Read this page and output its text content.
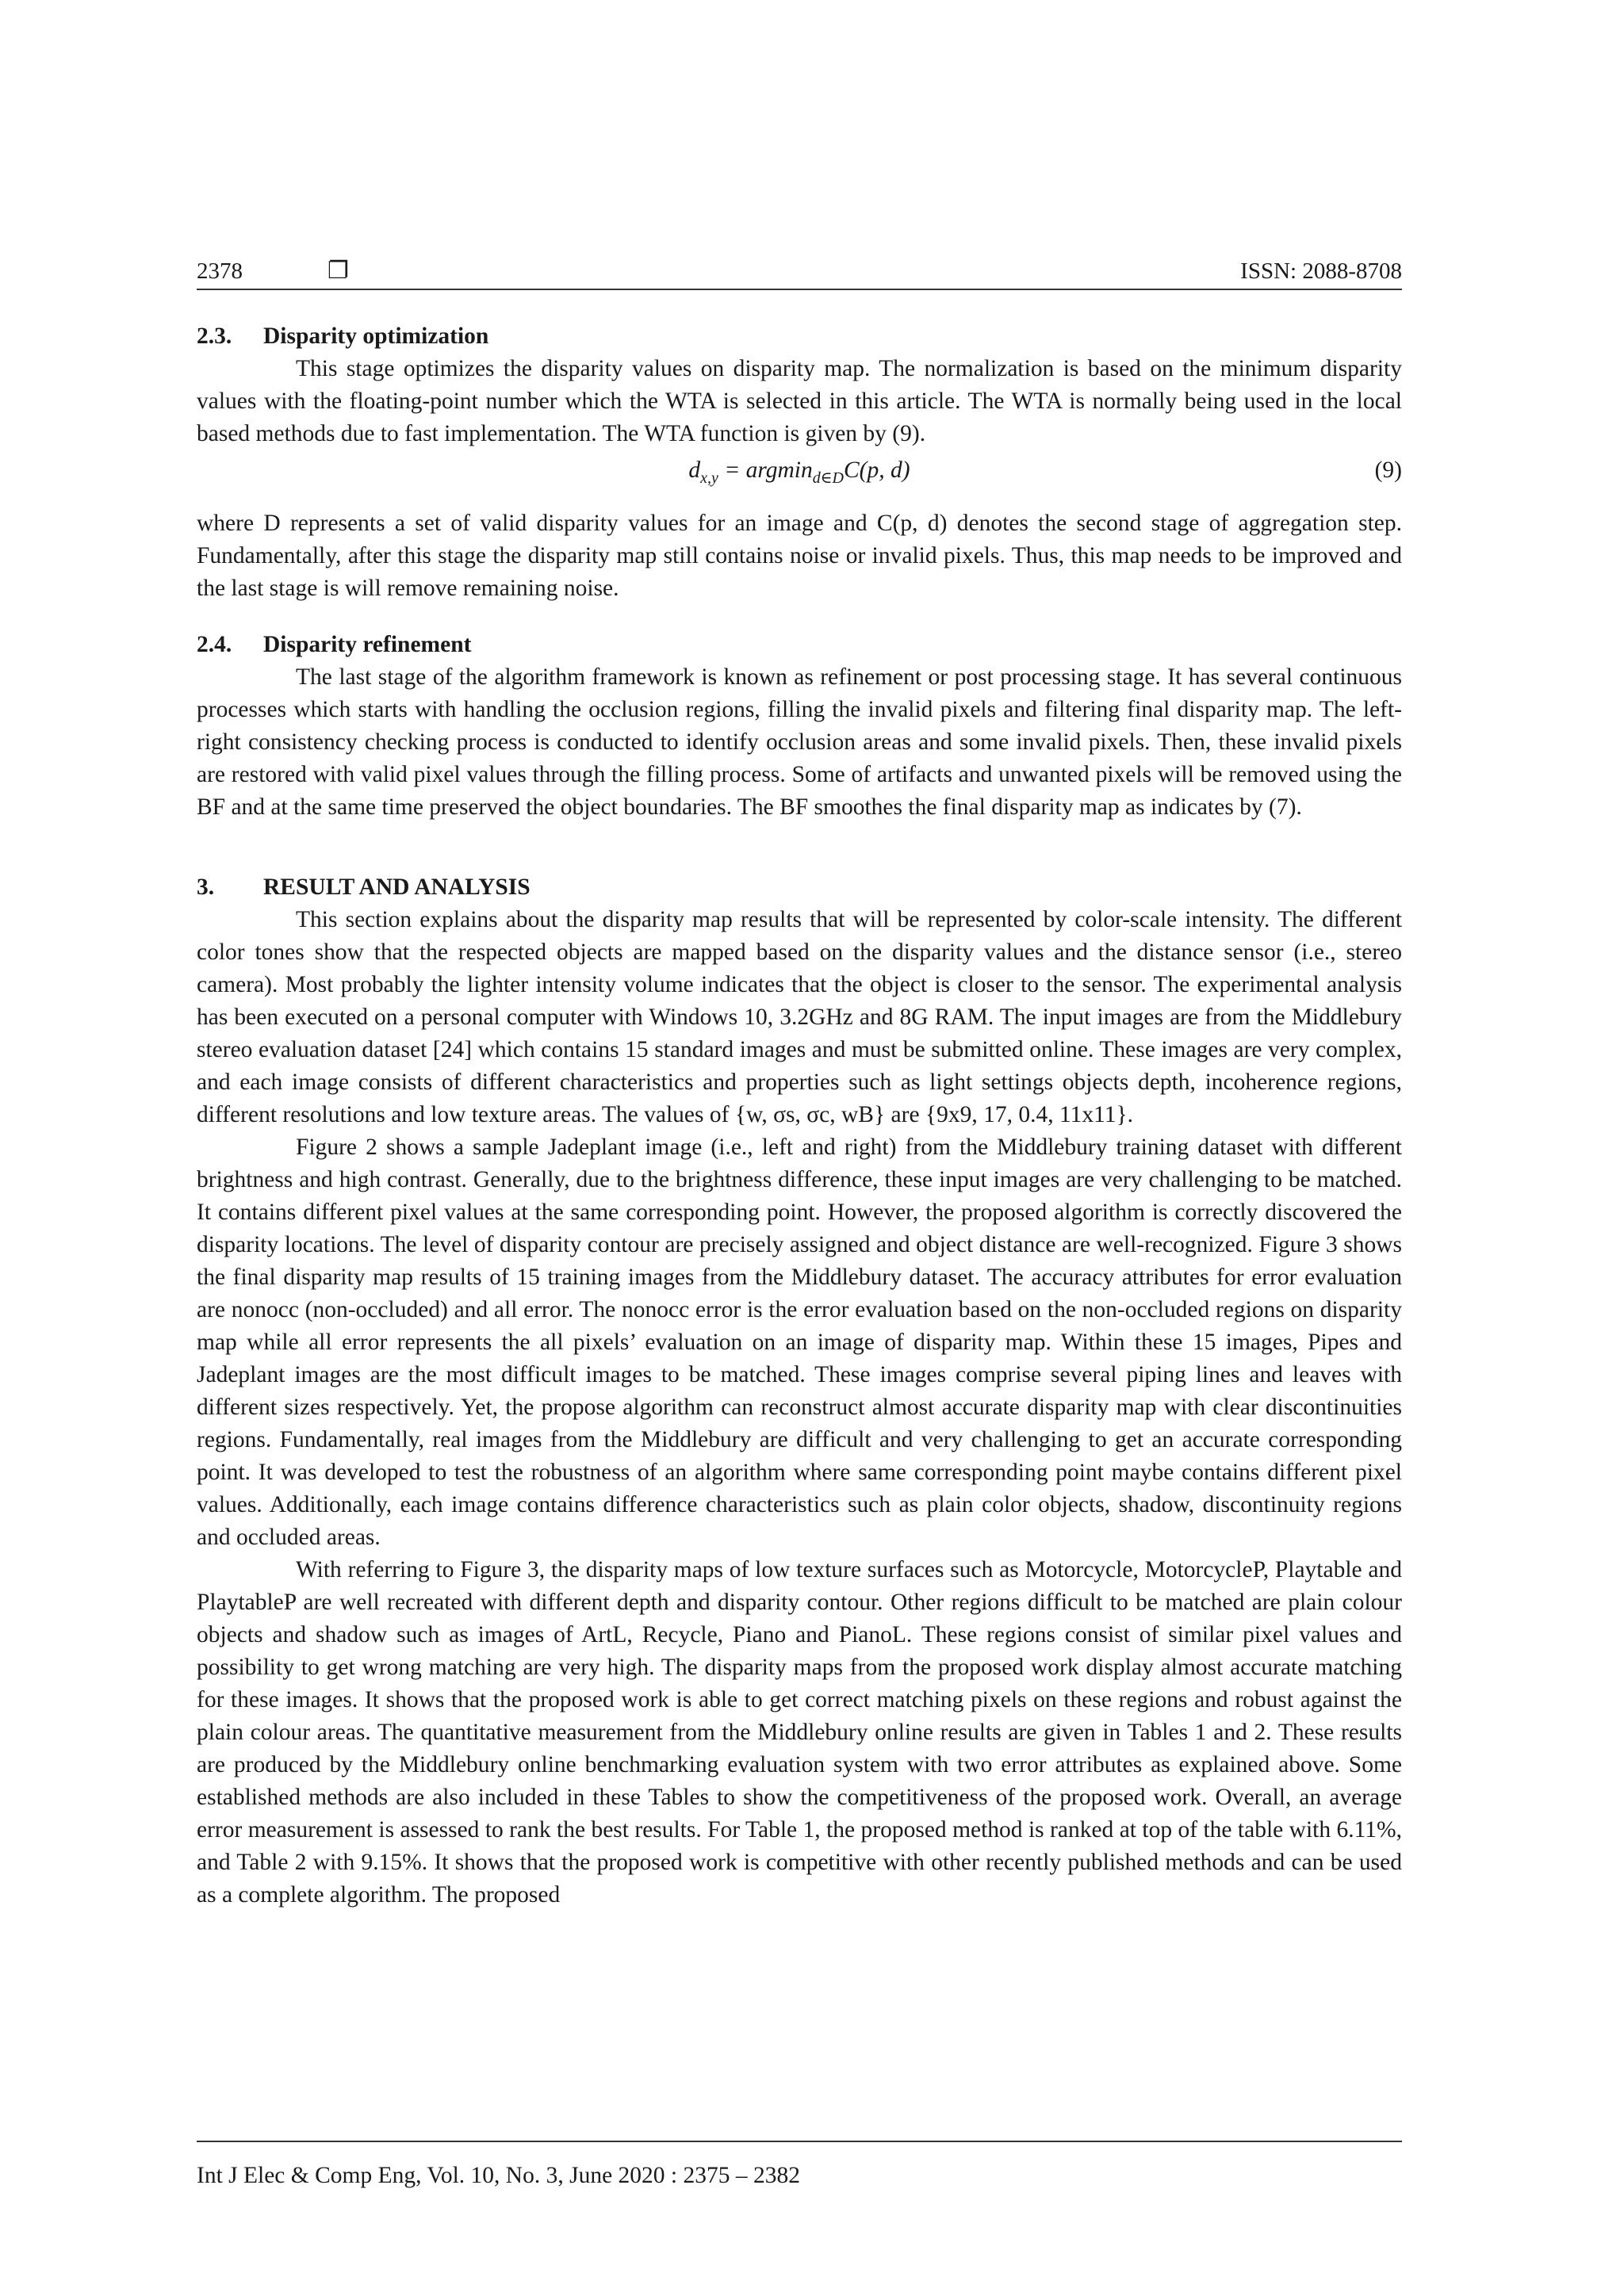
2378	❐	ISSN: 2088-8708
2.3. Disparity optimization

This stage optimizes the disparity values on disparity map. The normalization is based on the minimum disparity values with the floating-point number which the WTA is selected in this article. The WTA is normally being used in the local based methods due to fast implementation. The WTA function is given by (9).

$d_{x,y} = argmin_{d\in D}C(p$, d)	(9)

where D represents a set of valid disparity values for an image and C(p, d) denotes the second stage of aggregation step. Fundamentally, after this stage the disparity map still contains noise or invalid pixels. Thus, this map needs to be improved and the last stage is will remove remaining noise.

2.4. Disparity refinement

The last stage of the algorithm framework is known as refinement or post processing stage. It has several continuous processes which starts with handling the occlusion regions, filling the invalid pixels and filtering final disparity map. The left-right consistency checking process is conducted to identify occlusion areas and some invalid pixels. Then, these invalid pixels are restored with valid pixel values through the filling process. Some of artifacts and unwanted pixels will be removed using the BF and at the same time preserved the object boundaries. The BF smoothes the final disparity map as indicates by (7).

3. RESULT AND ANALYSIS

This section explains about the disparity map results that will be represented by color-scale intensity. The different color tones show that the respected objects are mapped based on the disparity values and the distance sensor (i.e., stereo camera). Most probably the lighter intensity volume indicates that the object is closer to the sensor. The experimental analysis has been executed on a personal computer with Windows 10, 3.2GHz and 8G RAM. The input images are from the Middlebury stereo evaluation dataset [24] which contains 15 standard images and must be submitted online. These images are very complex, and each image consists of different characteristics and properties such as light settings objects depth, incoherence regions, different resolutions and low texture areas. The values of {w, σs, σc, wB} are {9x9, 17, 0.4, 11x11}.

Figure 2 shows a sample Jadeplant image (i.e., left and right) from the Middlebury training dataset with different brightness and high contrast. Generally, due to the brightness difference, these input images are very challenging to be matched. It contains different pixel values at the same corresponding point. However, the proposed algorithm is correctly discovered the disparity locations. The level of disparity contour are precisely assigned and object distance are well-recognized. Figure 3 shows the final disparity map results of 15 training images from the Middlebury dataset. The accuracy attributes for error evaluation are nonocc (non-occluded) and all error. The nonocc error is the error evaluation based on the non-occluded regions on disparity map while all error represents the all pixels’ evaluation on an image of disparity map. Within these 15 images, Pipes and Jadeplant images are the most difficult images to be matched. These images comprise several piping lines and leaves with different sizes respectively. Yet, the propose algorithm can reconstruct almost accurate disparity map with clear discontinuities regions. Fundamentally, real images from the Middlebury are difficult and very challenging to get an accurate corresponding point. It was developed to test the robustness of an algorithm where same corresponding point maybe contains different pixel values. Additionally, each image contains difference characteristics such as plain color objects, shadow, discontinuity regions and occluded areas.

With referring to Figure 3, the disparity maps of low texture surfaces such as Motorcycle, MotorcycleP, Playtable and PlaytableP are well recreated with different depth and disparity contour. Other regions difficult to be matched are plain colour objects and shadow such as images of ArtL, Recycle, Piano and PianoL. These regions consist of similar pixel values and possibility to get wrong matching are very high. The disparity maps from the proposed work display almost accurate matching for these images. It shows that the proposed work is able to get correct matching pixels on these regions and robust against the plain colour areas. The quantitative measurement from the Middlebury online results are given in Tables 1 and 2. These results are produced by the Middlebury online benchmarking evaluation system with two error attributes as explained above. Some established methods are also included in these Tables to show the competitiveness of the proposed work. Overall, an average error measurement is assessed to rank the best results. For Table 1, the proposed method is ranked at top of the table with 6.11%, and Table 2 with 9.15%. It shows that the proposed work is competitive with other recently published methods and can be used as a complete algorithm. The proposed

Int J Elec & Comp Eng, Vol. 10, No. 3, June 2020 : 2375 – 2382
